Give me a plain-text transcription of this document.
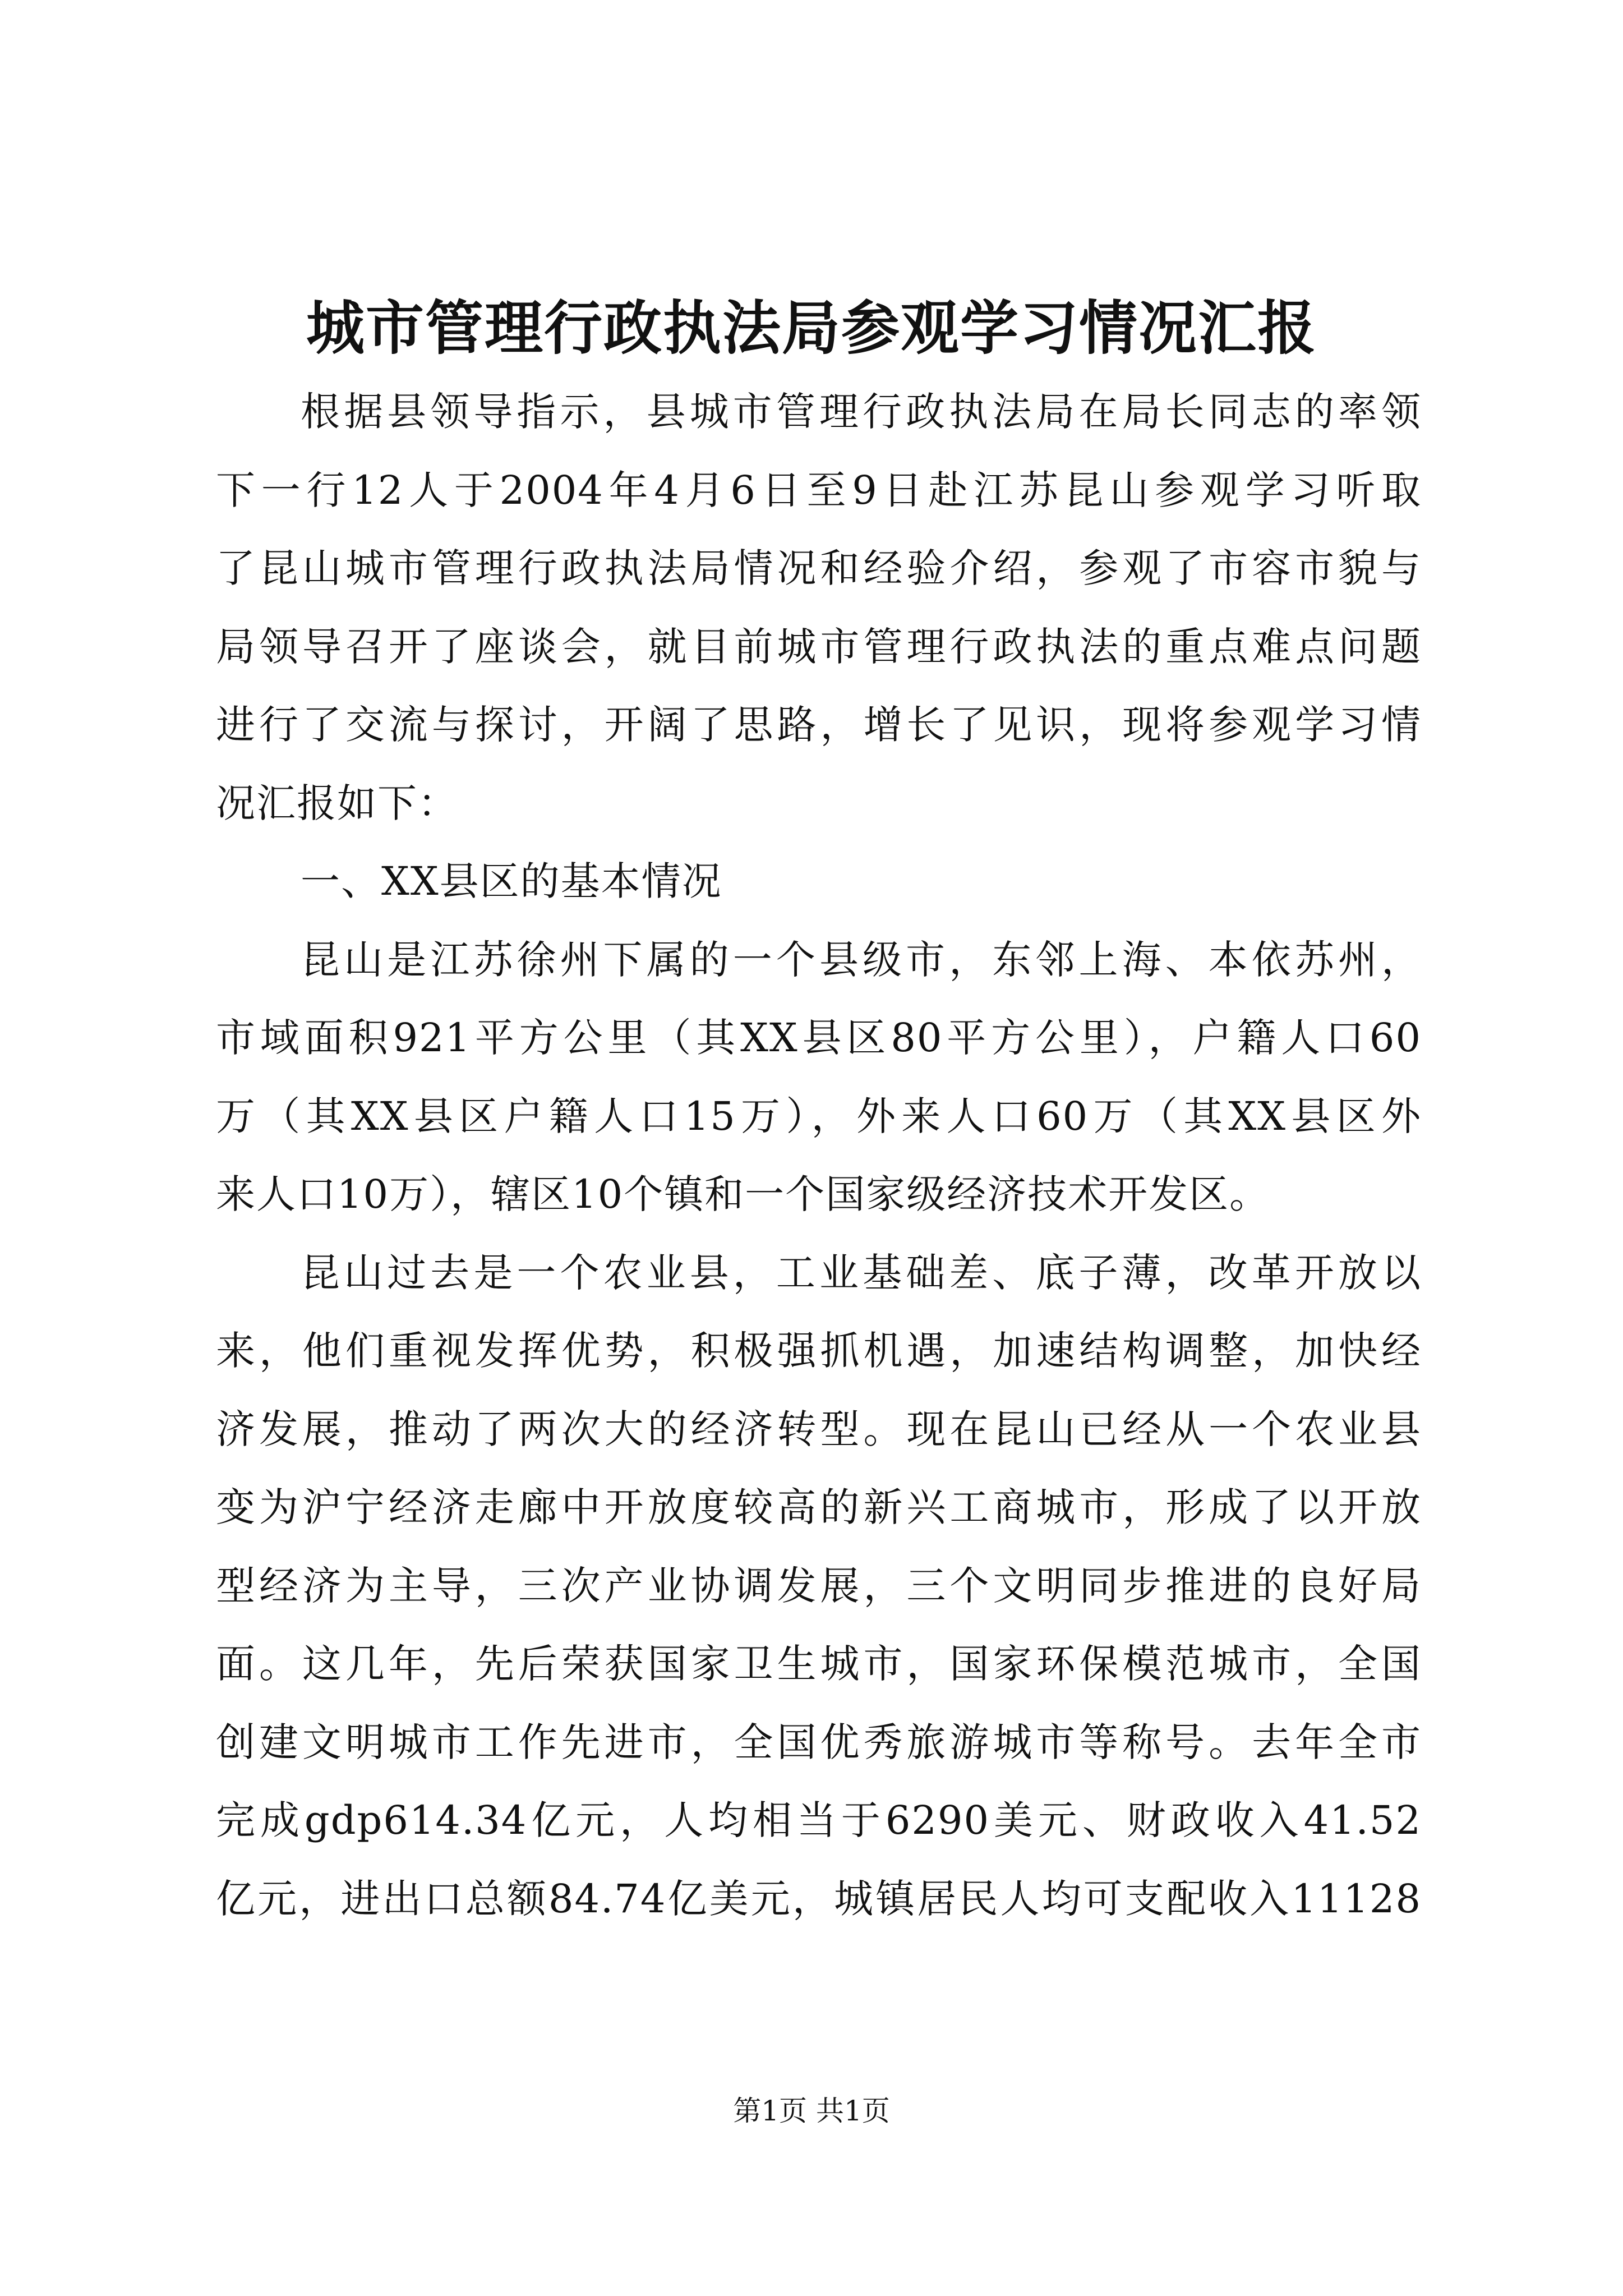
城市管理行政执法局参观学习情况汇报
根据县领导指示，县城市管理行政执法局在局长同志的率领
下一行12人于2004年4月6日至9日赴江苏昆山参观学习听取
了昆山城市管理行政执法局情况和经验介绍，参观了市容市貌与
局领导召开了座谈会，就目前城市管理行政执法的重点难点问题
进行了交流与探讨，开阔了思路，增长了见识，现将参观学习情
况汇报如下：
一、XX县区的基本情况
昆山是江苏徐州下属的一个县级市，东邻上海、本依苏州，
市域面积921平方公里（其XX县区80平方公里），户籍人口60
万（其XX县区户籍人口15万），外来人口60万（其XX县区外
来人口10万），辖区10个镇和一个国家级经济技术开发区。
昆山过去是一个农业县，工业基础差、底子薄，改革开放以
来，他们重视发挥优势，积极强抓机遇，加速结构调整，加快经
济发展，推动了两次大的经济转型。现在昆山已经从一个农业县
变为沪宁经济走廊中开放度较高的新兴工商城市，形成了以开放
型经济为主导，三次产业协调发展，三个文明同步推进的良好局
面。这几年，先后荣获国家卫生城市，国家环保模范城市，全国
创建文明城市工作先进市，全国优秀旅游城市等称号。去年全市
完成gdp614.34亿元，人均相当于6290美元、财政收入41.52
亿元，进出口总额84.74亿美元，城镇居民人均可支配收入11128
第1页 共1页
